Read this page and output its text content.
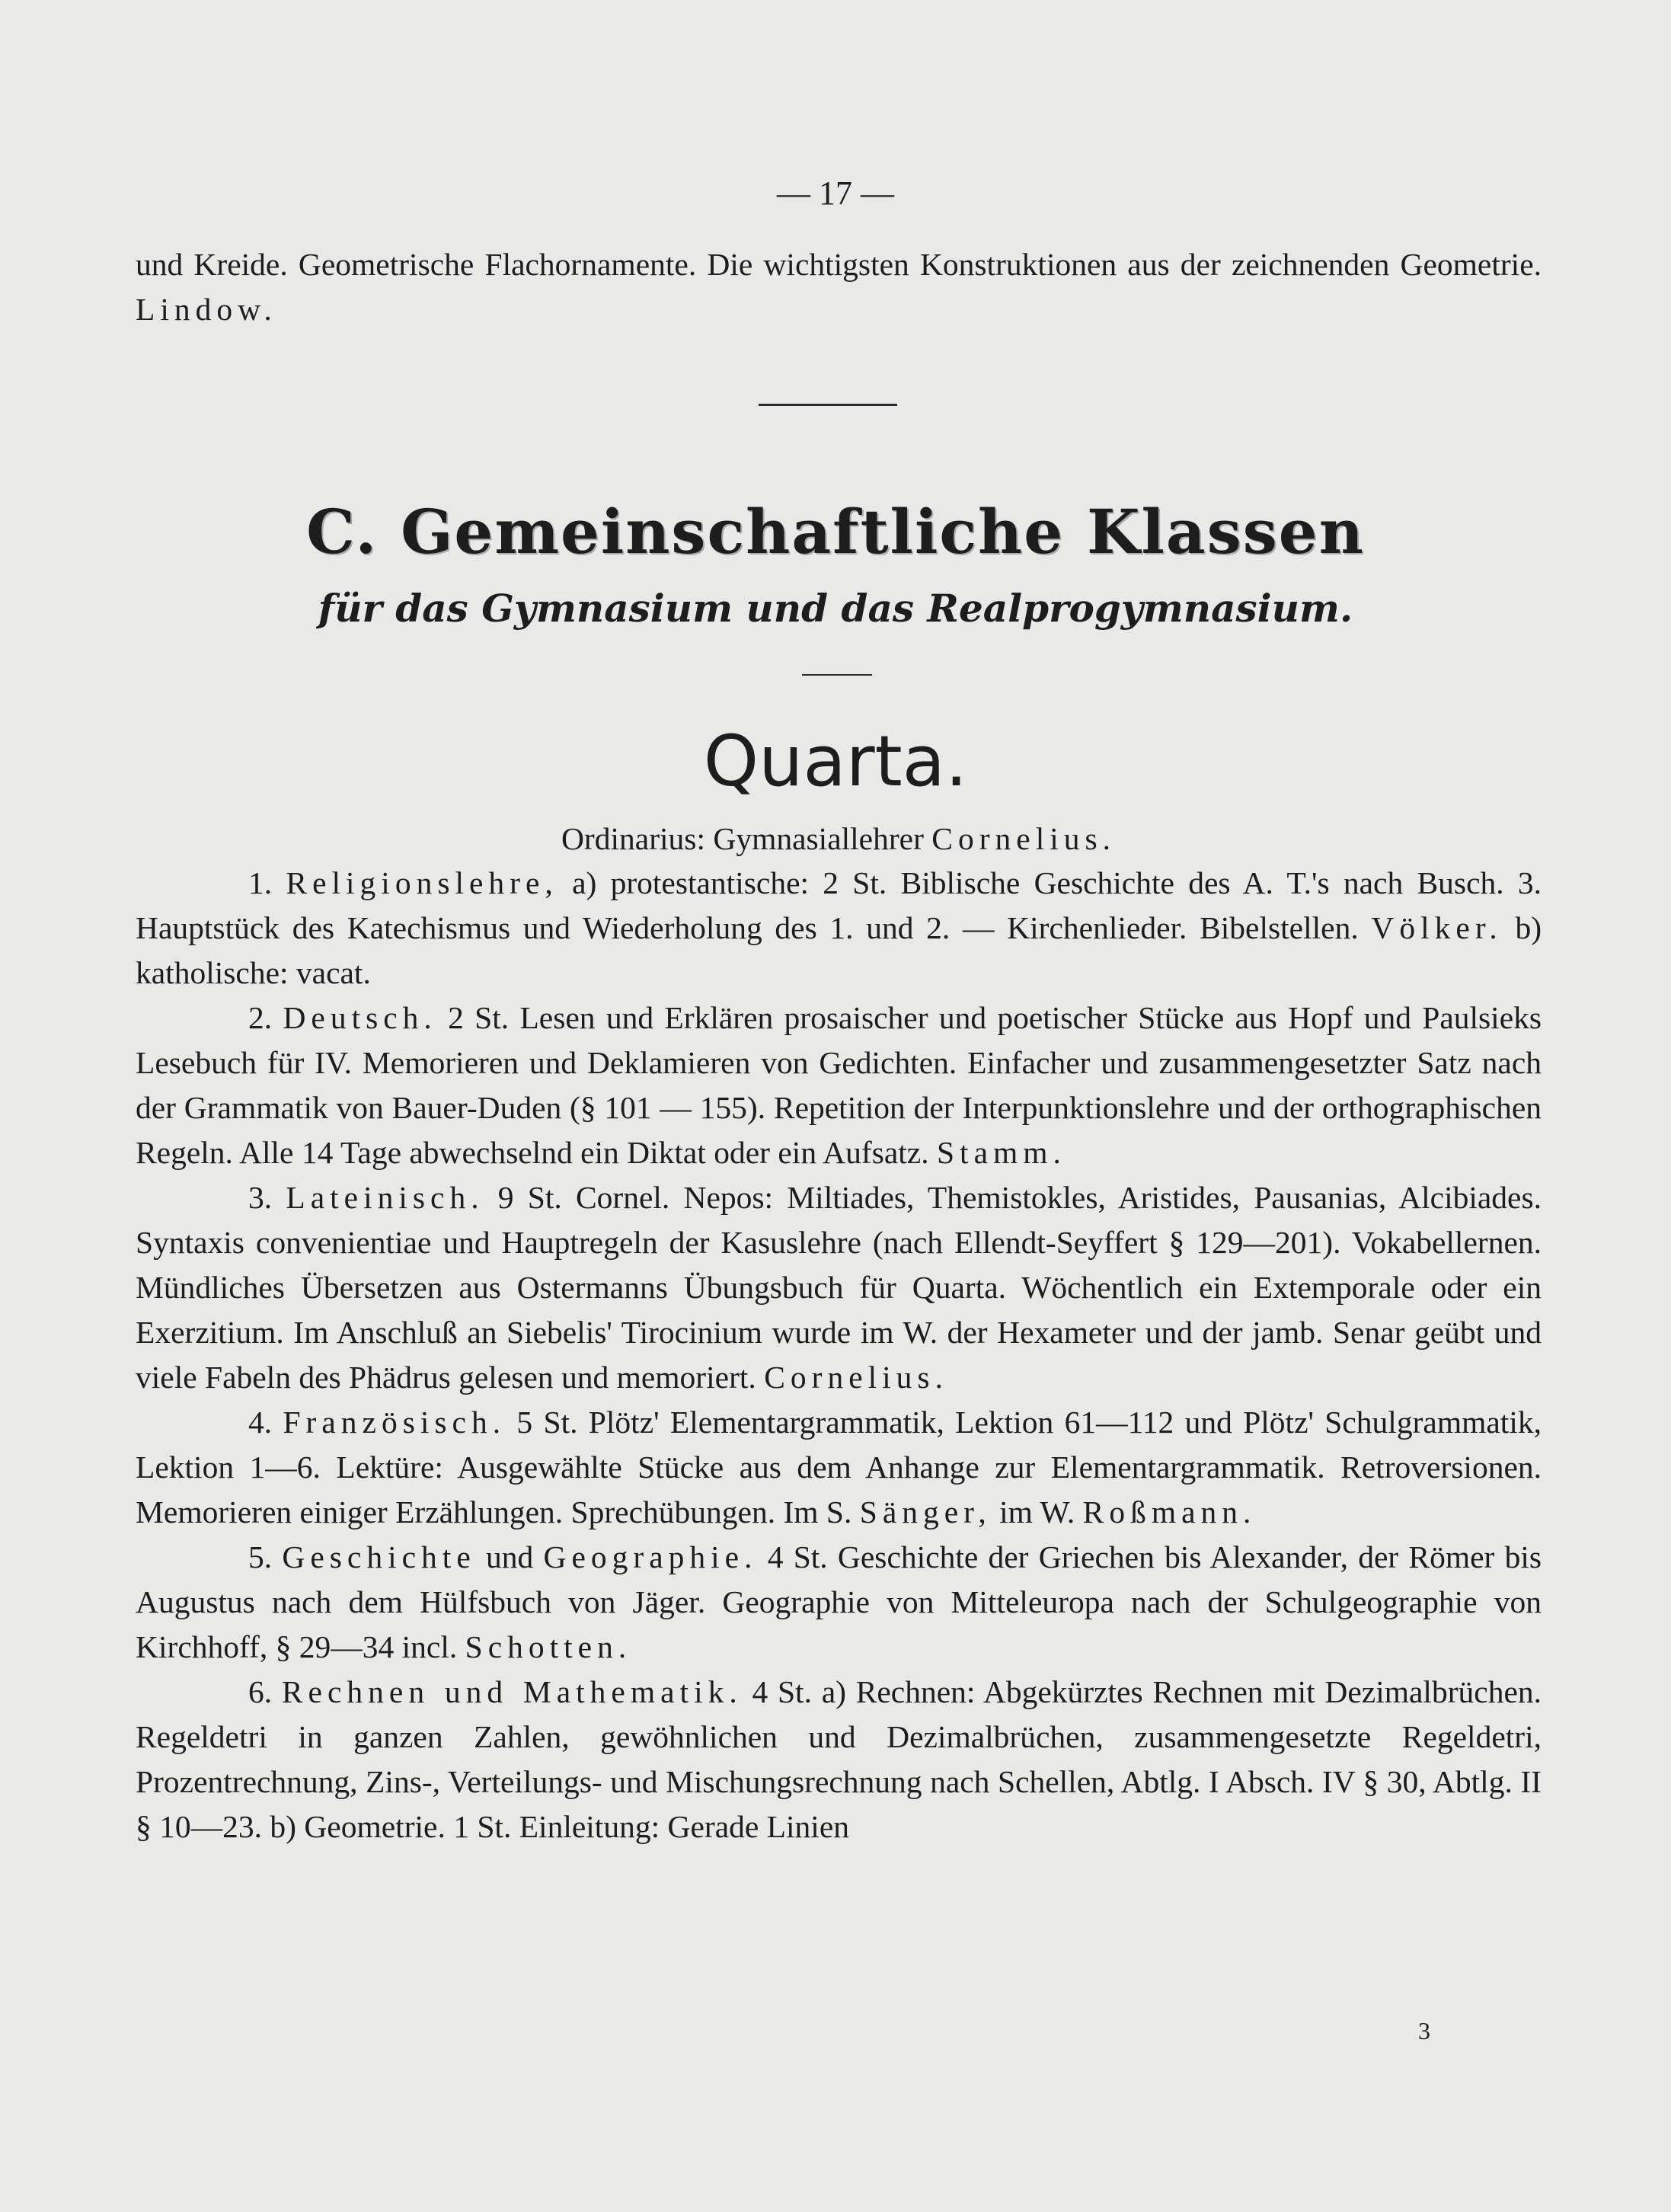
— 17 —

und Kreide. Geometrische Flachornamente. Die wichtigsten Konstruktionen aus der zeichnenden Geometrie. Lindow.

C. Gemeinschaftliche Klassen
für das Gymnasium und das Realprogymnasium.
Quarta.

Ordinarius: Gymnasiallehrer Cornelius.

1. Religionslehre, a) protestantische: 2 St. Biblische Geschichte des A. T.'s nach Busch. 3. Hauptstück des Katechismus und Wiederholung des 1. und 2. — Kirchenlieder. Bibelstellen. Völker. b) katholische: vacat.

2. Deutsch. 2 St. Lesen und Erklären prosaischer und poetischer Stücke aus Hopf und Paulsieks Lesebuch für IV. Memorieren und Deklamieren von Gedichten. Einfacher und zusammengesetzter Satz nach der Grammatik von Bauer-Duden (§ 101 — 155). Repetition der Interpunktionslehre und der orthographischen Regeln. Alle 14 Tage abwechselnd ein Diktat oder ein Aufsatz. Stamm.

3. Lateinisch. 9 St. Cornel. Nepos: Miltiades, Themistokles, Aristides, Pausanias, Alcibiades. Syntaxis convenientiae und Hauptregeln der Kasuslehre (nach Ellendt-Seyffert § 129—201). Vokabellernen. Mündliches Übersetzen aus Ostermanns Übungsbuch für Quarta. Wöchentlich ein Extemporale oder ein Exerzitium. Im Anschluß an Siebelis' Tirocinium wurde im W. der Hexameter und der jamb. Senar geübt und viele Fabeln des Phädrus gelesen und memoriert. Cornelius.

4. Französisch. 5 St. Plötz' Elementargrammatik, Lektion 61—112 und Plötz' Schulgrammatik, Lektion 1—6. Lektüre: Ausgewählte Stücke aus dem Anhange zur Elementargrammatik. Retroversionen. Memorieren einiger Erzählungen. Sprechübungen. Im S. Sänger, im W. Roßmann.

5. Geschichte und Geographie. 4 St. Geschichte der Griechen bis Alexander, der Römer bis Augustus nach dem Hülfsbuch von Jäger. Geographie von Mitteleuropa nach der Schulgeographie von Kirchhoff, § 29—34 incl. Schotten.

6. Rechnen und Mathematik. 4 St. a) Rechnen: Abgekürztes Rechnen mit Dezimalbrüchen. Regeldetri in ganzen Zahlen, gewöhnlichen und Dezimalbrüchen, zusammengesetzte Regeldetri, Prozentrechnung, Zins-, Verteilungs- und Mischungsrechnung nach Schellen, Abtlg. I Absch. IV § 30, Abtlg. II § 10—23. b) Geometrie. 1 St. Einleitung: Gerade Linien

3
